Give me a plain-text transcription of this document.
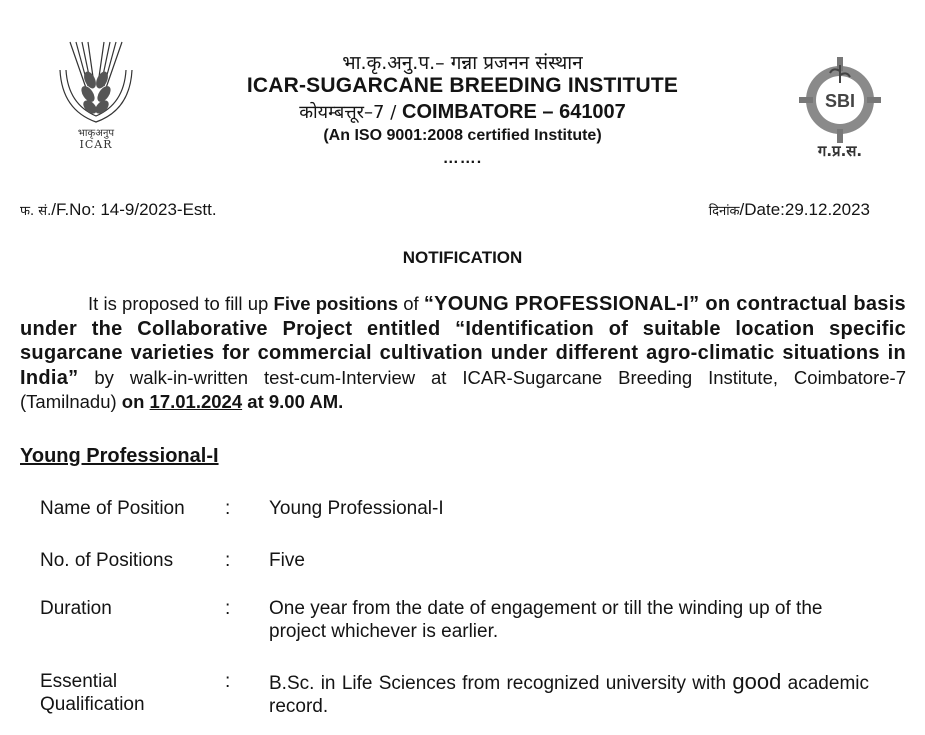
भाकृअनुप
ICAR
SBI
ग.प्र.स.
भा.कृ.अनु.प.– गन्ना प्रजनन संस्थान
ICAR-SUGARCANE BREEDING INSTITUTE
कोयम्बत्तूर–7 / COIMBATORE – 641007
(An ISO 9001:2008 certified Institute)
…….
फ. सं./F.No: 14-9/2023-Estt.	दिनांक/Date:29.12.2023
NOTIFICATION
It is proposed to fill up Five positions of “YOUNG PROFESSIONAL-I” on contractual basis under the Collaborative Project entitled “Identification of suitable location specific sugarcane varieties for commercial cultivation under different agro-climatic situations in India” by walk-in-written test-cum-Interview at ICAR-Sugarcane Breeding Institute, Coimbatore-7 (Tamilnadu) on 17.01.2024 at 9.00 AM.
Young Professional-I
Name of Position	: Young Professional-I
No. of Positions	: Five
Duration	: One year from the date of engagement or till the winding up of the project whichever is earlier.
Essential
Qualification
: B.Sc. in Life Sciences from recognized university with good academic record.
